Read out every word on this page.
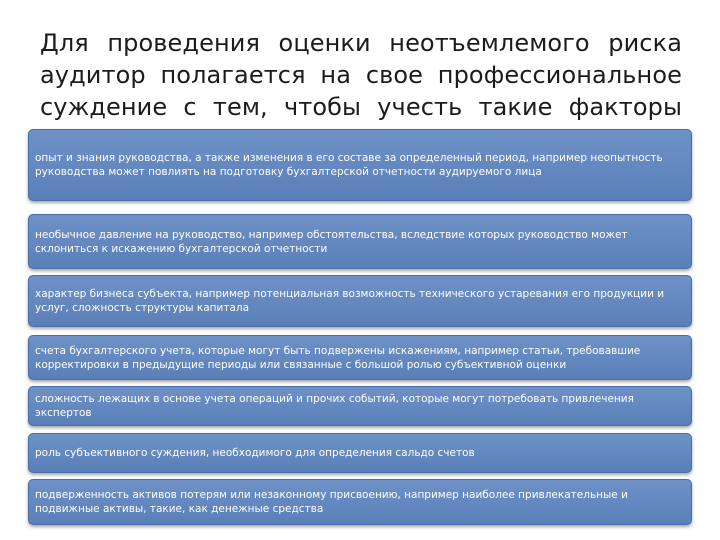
Для проведения оценки неотъемлемого риска аудитор полагается на свое профессиональное суждение с тем, чтобы учесть такие факторы
опыт и знания руководства, а также изменения в его составе за определенный период, например неопытность руководства может повлиять на подготовку бухгалтерской отчетности аудируемого лица
необычное давление на руководство, например обстоятельства, вследствие которых руководство может склониться к искажению бухгалтерской отчетности
характер бизнеса субъекта, например потенциальная возможность технического устаревания его продукции и услуг, сложность структуры капитала
счета бухгалтерского учета, которые могут быть подвержены искажениям, например статьи, требовавшие корректировки в предыдущие периоды или связанные с большой ролью субъективной оценки
сложность лежащих в основе учета операций и прочих событий, которые могут потребовать привлечения экспертов
роль субъективного суждения, необходимого для определения сальдо счетов
подверженность активов потерям или незаконному присвоению, например наиболее привлекательные и подвижные активы, такие, как денежные средства
